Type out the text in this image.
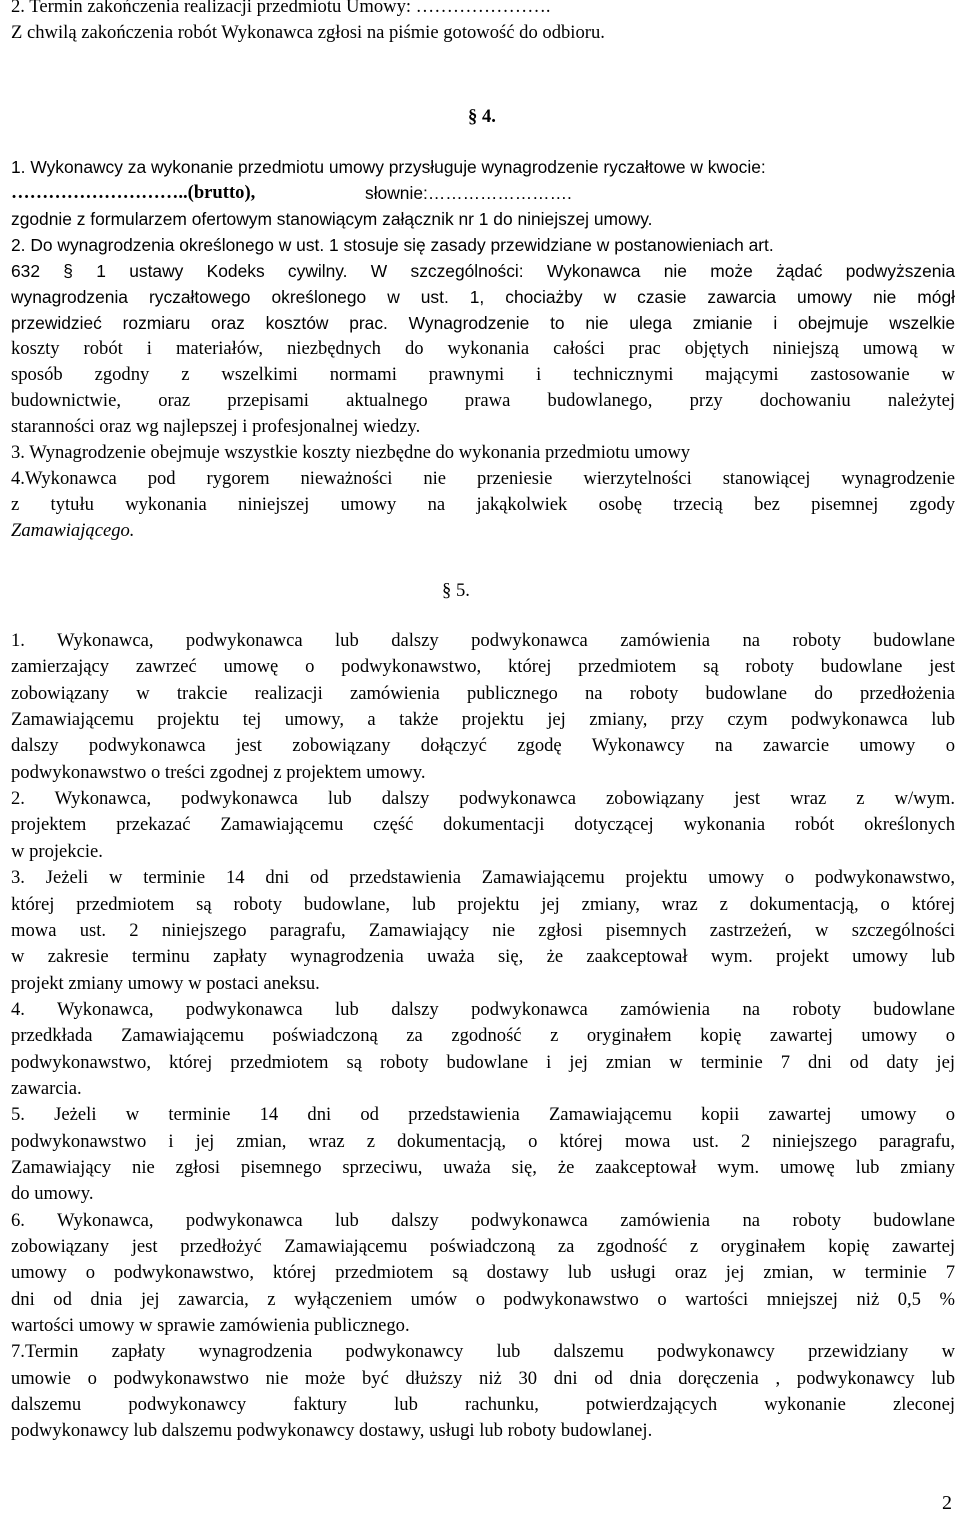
2. Termin zakończenia realizacji przedmiotu Umowy: ………………….
Z chwilą zakończenia robót Wykonawca zgłosi na piśmie gotowość do odbioru.
§ 4.
1. Wykonawcy za wykonanie przedmiotu umowy przysługuje wynagrodzenie ryczałtowe w kwocie:
………………………..(brutto),	słownie:…………………….
zgodnie z formularzem ofertowym stanowiącym załącznik nr 1 do niniejszej umowy.
2. Do wynagrodzenia określonego w ust. 1 stosuje się zasady przewidziane w postanowieniach art.
632 § 1 ustawy Kodeks cywilny. W szczególności: Wykonawca nie może żądać podwyższenia
wynagrodzenia ryczałtowego określonego w ust. 1, chociażby w czasie zawarcia umowy nie mógł
przewidzieć rozmiaru oraz kosztów prac. Wynagrodzenie to nie ulega zmianie i obejmuje wszelkie
koszty robót i materiałów, niezbędnych do wykonania całości prac objętych niniejszą umową w
sposób zgodny z wszelkimi normami prawnymi i technicznymi mającymi zastosowanie w
budownictwie, oraz przepisami aktualnego prawa budowlanego, przy dochowaniu należytej
staranności oraz wg najlepszej i profesjonalnej wiedzy.
3. Wynagrodzenie obejmuje wszystkie koszty niezbędne do wykonania przedmiotu umowy
4.Wykonawca pod rygorem nieważności nie przeniesie wierzytelności stanowiącej wynagrodzenie
z tytułu wykonania niniejszej umowy na jakąkolwiek osobę trzecią bez pisemnej zgody
Zamawiającego.
§ 5.
1. Wykonawca, podwykonawca lub dalszy podwykonawca zamówienia na roboty budowlane
zamierzający zawrzeć umowę o podwykonawstwo, której przedmiotem są roboty budowlane jest
zobowiązany w trakcie realizacji zamówienia publicznego na roboty budowlane do przedłożenia
Zamawiającemu projektu tej umowy, a także projektu jej zmiany, przy czym podwykonawca lub
dalszy podwykonawca jest zobowiązany dołączyć zgodę Wykonawcy na zawarcie umowy o
podwykonawstwo o treści zgodnej z projektem umowy.
2. Wykonawca, podwykonawca lub dalszy podwykonawca zobowiązany jest wraz z w/wym.
projektem przekazać Zamawiającemu część dokumentacji dotyczącej wykonania robót określonych
w projekcie.
3. Jeżeli w terminie 14 dni od przedstawienia Zamawiającemu projektu umowy o podwykonawstwo,
której przedmiotem są roboty budowlane, lub projektu jej zmiany, wraz z dokumentacją, o której
mowa ust. 2 niniejszego paragrafu, Zamawiający nie zgłosi pisemnych zastrzeżeń, w szczególności
w zakresie terminu zapłaty wynagrodzenia uważa się, że zaakceptował wym. projekt umowy lub
projekt zmiany umowy w postaci aneksu.
4. Wykonawca, podwykonawca lub dalszy podwykonawca zamówienia na roboty budowlane
przedkłada Zamawiającemu poświadczoną za zgodność z oryginałem kopię zawartej umowy o
podwykonawstwo, której przedmiotem są roboty budowlane i jej zmian w terminie 7 dni od daty jej
zawarcia.
5. Jeżeli w terminie 14 dni od przedstawienia Zamawiającemu kopii zawartej umowy o
podwykonawstwo i jej zmian, wraz z dokumentacją, o której mowa ust. 2 niniejszego paragrafu,
Zamawiający nie zgłosi pisemnego sprzeciwu, uważa się, że zaakceptował wym. umowę lub zmiany
do umowy.
6. Wykonawca, podwykonawca lub dalszy podwykonawca zamówienia na roboty budowlane
zobowiązany jest przedłożyć Zamawiającemu poświadczoną za zgodność z oryginałem kopię zawartej
umowy o podwykonawstwo, której przedmiotem są dostawy lub usługi oraz jej zmian, w terminie 7
dni od dnia jej zawarcia, z wyłączeniem umów o podwykonawstwo o wartości mniejszej niż 0,5 %
wartości umowy w sprawie zamówienia publicznego.
7.Termin zapłaty wynagrodzenia podwykonawcy lub dalszemu podwykonawcy przewidziany w
umowie o podwykonawstwo nie może być dłuższy niż 30 dni od dnia doręczenia , podwykonawcy lub
dalszemu podwykonawcy faktury lub rachunku, potwierdzających wykonanie zleconej
podwykonawcy lub dalszemu podwykonawcy dostawy, usługi lub roboty budowlanej.
2
